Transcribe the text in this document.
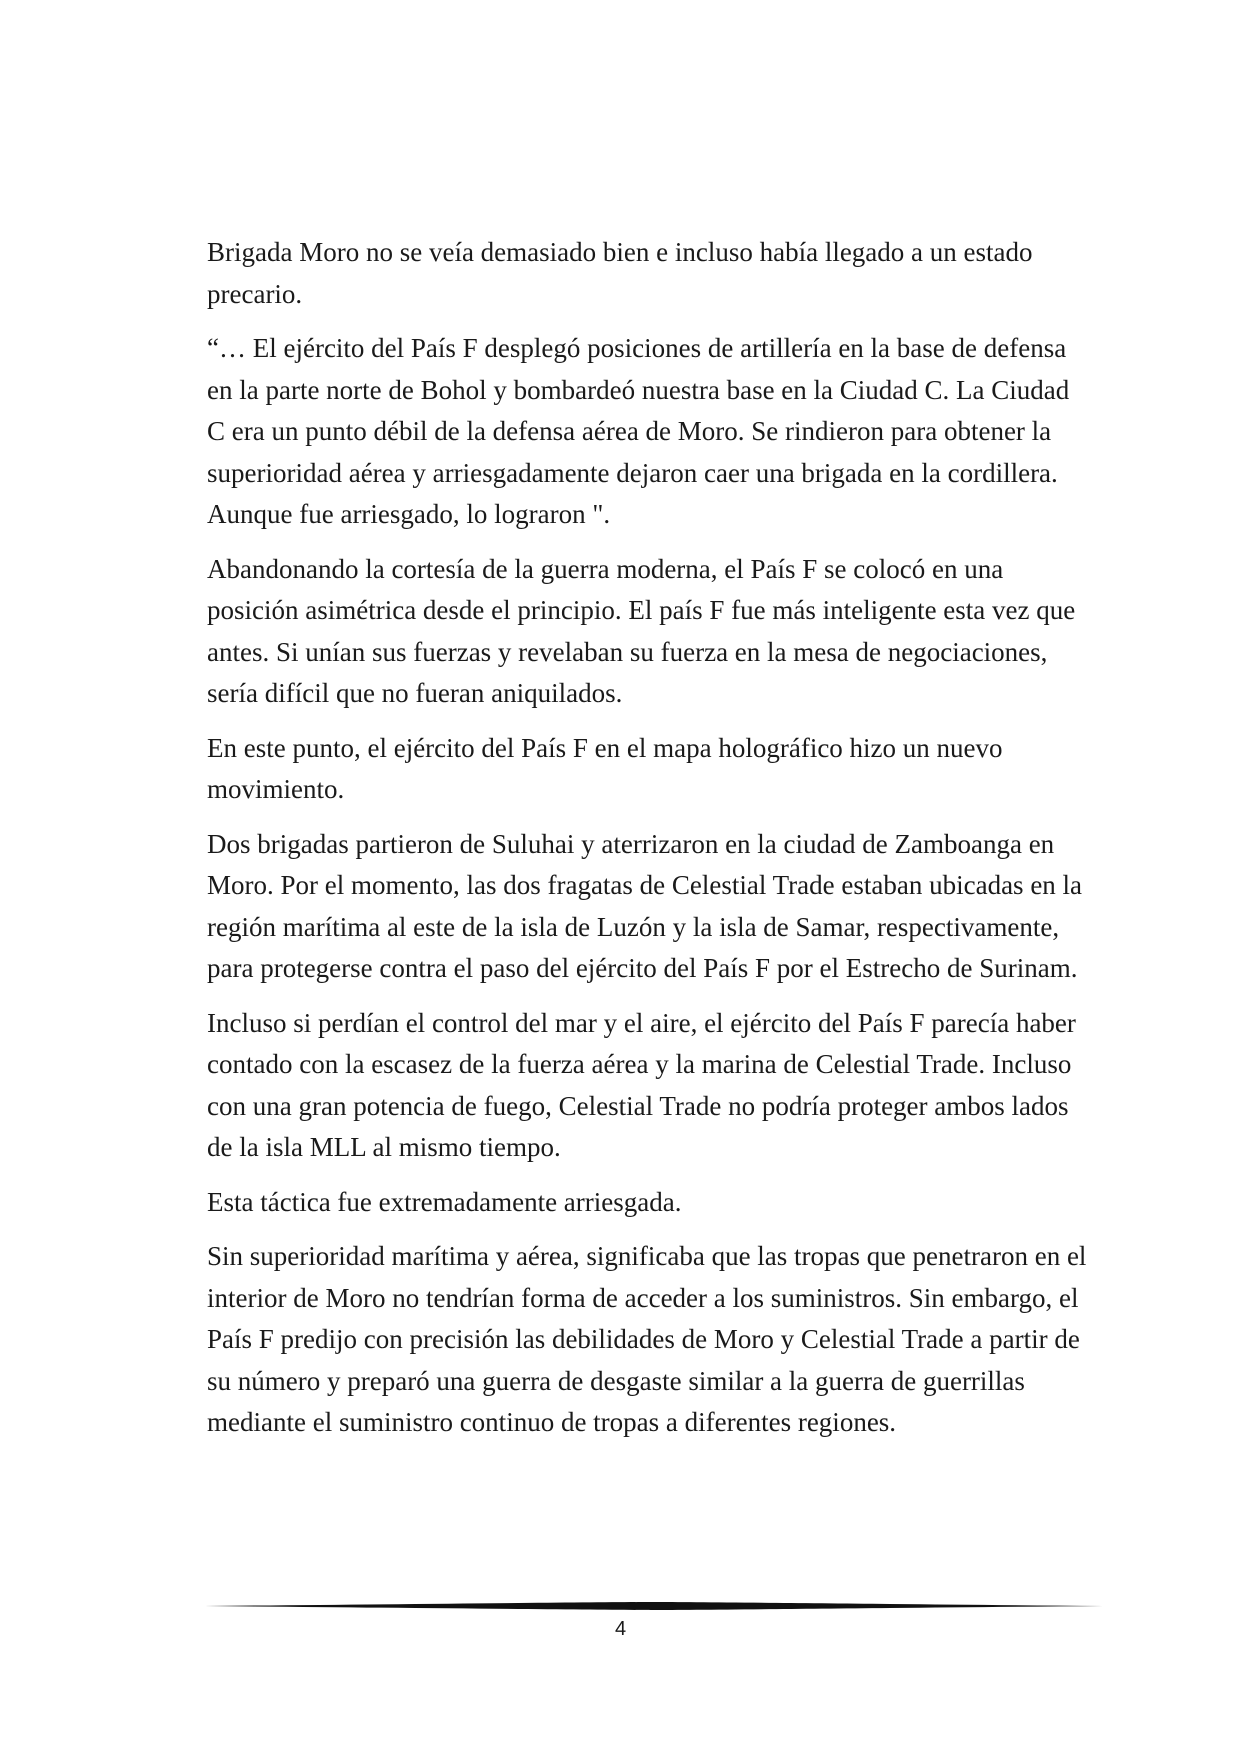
Brigada Moro no se veía demasiado bien e incluso había llegado a un estado precario.

“… El ejército del País F desplegó posiciones de artillería en la base de defensa en la parte norte de Bohol y bombardeó nuestra base en la Ciudad C. La Ciudad C era un punto débil de la defensa aérea de Moro. Se rindieron para obtener la superioridad aérea y arriesgadamente dejaron caer una brigada en la cordillera. Aunque fue arriesgado, lo lograron ".

Abandonando la cortesía de la guerra moderna, el País F se colocó en una posición asimétrica desde el principio. El país F fue más inteligente esta vez que antes. Si unían sus fuerzas y revelaban su fuerza en la mesa de negociaciones, sería difícil que no fueran aniquilados.

En este punto, el ejército del País F en el mapa holográfico hizo un nuevo movimiento.

Dos brigadas partieron de Suluhai y aterrizaron en la ciudad de Zamboanga en Moro. Por el momento, las dos fragatas de Celestial Trade estaban ubicadas en la región marítima al este de la isla de Luzón y la isla de Samar, respectivamente, para protegerse contra el paso del ejército del País F por el Estrecho de Surinam.

Incluso si perdían el control del mar y el aire, el ejército del País F parecía haber contado con la escasez de la fuerza aérea y la marina de Celestial Trade. Incluso con una gran potencia de fuego, Celestial Trade no podría proteger ambos lados de la isla MLL al mismo tiempo.

Esta táctica fue extremadamente arriesgada.

Sin superioridad marítima y aérea, significaba que las tropas que penetraron en el interior de Moro no tendrían forma de acceder a los suministros. Sin embargo, el País F predijo con precisión las debilidades de Moro y Celestial Trade a partir de su número y preparó una guerra de desgaste similar a la guerra de guerrillas mediante el suministro continuo de tropas a diferentes regiones.

4
